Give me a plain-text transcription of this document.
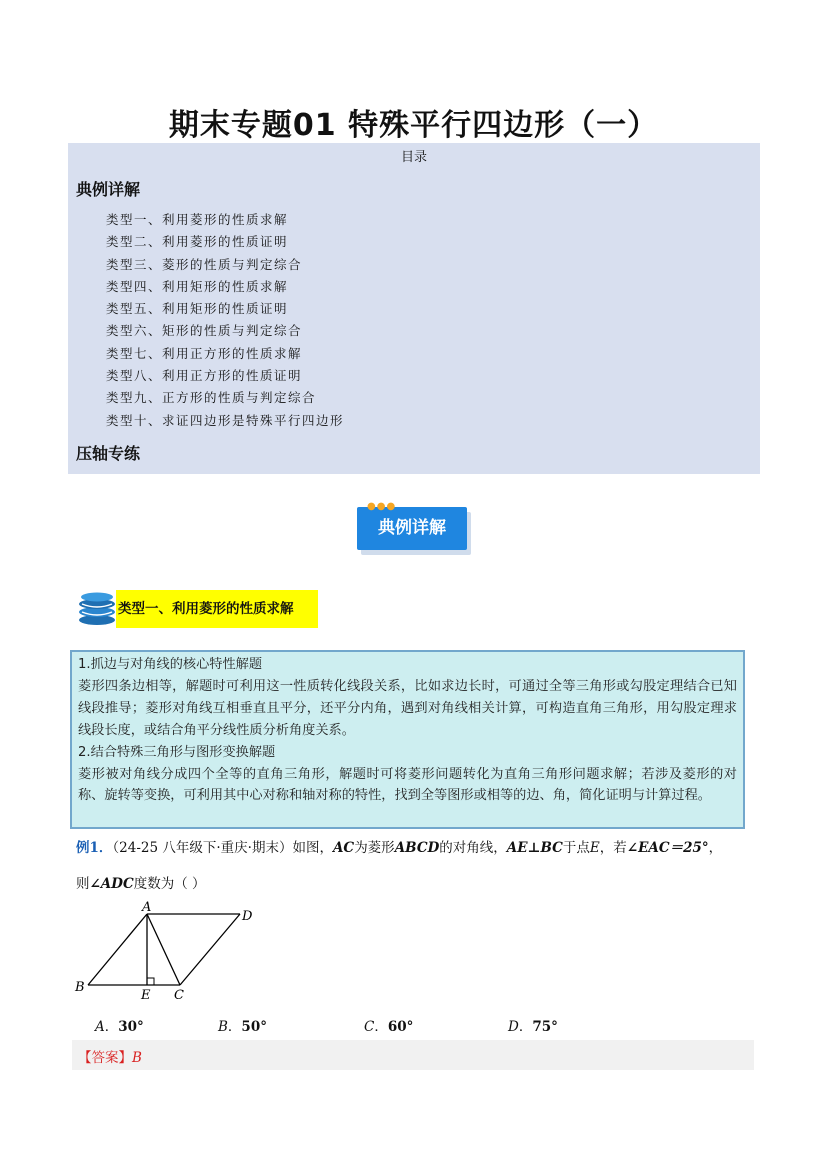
期末专题01 特殊平行四边形（一）
目录
典例详解
类型一、利用菱形的性质求解
类型二、利用菱形的性质证明
类型三、菱形的性质与判定综合
类型四、利用矩形的性质求解
类型五、利用矩形的性质证明
类型六、矩形的性质与判定综合
类型七、利用正方形的性质求解
类型八、利用正方形的性质证明
类型九、正方形的性质与判定综合
类型十、求证四边形是特殊平行四边形
压轴专练
典例详解
●●●
类型一、利用菱形的性质求解

1.抓边与对角线的核心特性解题

菱形四条边相等，解题时可利用这一性质转化线段关系，比如求边长时，可通过全等三角形或勾股定理结合已知线段推导；菱形对角线互相垂直且平分，还平分内角，遇到对角线相关计算，可构造直角三角形，用勾股定理求线段长度，或结合角平分线性质分析角度关系。

2.结合特殊三角形与图形变换解题

菱形被对角线分成四个全等的直角三角形，解题时可将菱形问题转化为直角三角形问题求解；若涉及菱形的对称、旋转等变换，可利用其中心对称和轴对称的特性，找到全等图形或相等的边、角，简化证明与计算过程。

例1．（24-25 八年级下·重庆·期末）如图，AC为菱形ABCD的对角线，AE⊥BC于点E，若∠EAC＝25°，
则∠ADC度数为（ ）
A
B
C
D
E
A．30°	B．50°	C．60°	D．75°
【答案】B
